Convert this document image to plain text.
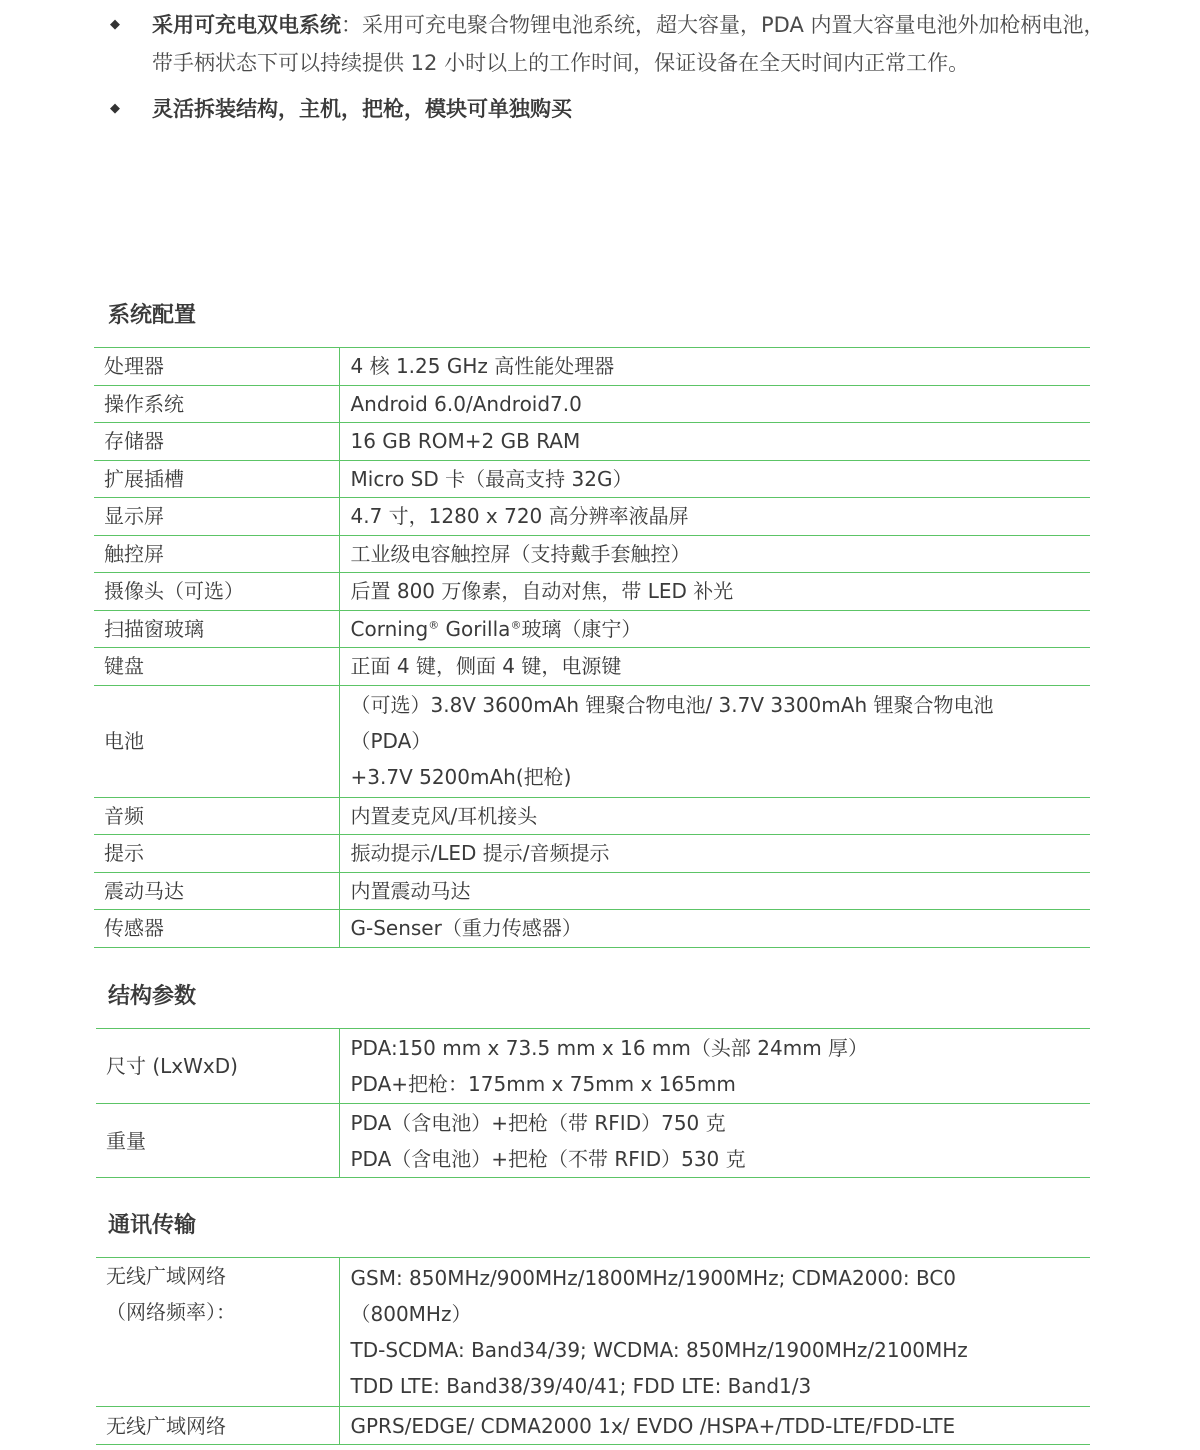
◆ 采用可充电双电系统：采用可充电聚合物锂电池系统，超大容量，PDA 内置大容量电池外加枪柄电池，带手柄状态下可以持续提供 12 小时以上的工作时间，保证设备在全天时间内正常工作。
◆ 灵活拆装结构，主机，把枪，模块可单独购买
系统配置
处理器	4 核 1.25 GHz 高性能处理器
操作系统	Android 6.0/Android7.0
存储器	16 GB ROM+2 GB RAM
扩展插槽	Micro SD 卡（最高支持 32G）
显示屏	4.7 寸，1280 x 720 高分辨率液晶屏
触控屏	工业级电容触控屏（支持戴手套触控）
摄像头（可选）	后置 800 万像素，自动对焦，带 LED 补光
扫描窗玻璃	Corning® Gorilla®玻璃（康宁）
键盘	正面 4 键，侧面 4 键，电源键
电池	（可选）3.8V 3600mAh 锂聚合物电池/ 3.7V 3300mAh 锂聚合物电池
（PDA）
+3.7V 5200mAh(把枪)

音频	内置麦克风/耳机接头
提示	振动提示/LED 提示/音频提示
震动马达	内置震动马达
传感器	G-Senser（重力传感器）
结构参数
尺寸 (LxWxD)	PDA:150 mm x 73.5 mm x 16 mm（头部 24mm 厚）
PDA+把枪：175mm x 75mm x 165mm

重量	PDA（含电池）+把枪（带 RFID）750 克
PDA（含电池）+把枪（不带 RFID）530 克
通讯传输
无线广域网络
（网络频率）：	GSM: 850MHz/900MHz/1800MHz/1900MHz; CDMA2000: BC0
（800MHz）
TD-SCDMA: Band34/39; WCDMA: 850MHz/1900MHz/2100MHz
TDD LTE: Band38/39/40/41; FDD LTE: Band1/3

无线广域网络	GPRS/EDGE/ CDMA2000 1x/ EVDO /HSPA+/TDD-LTE/FDD-LTE
